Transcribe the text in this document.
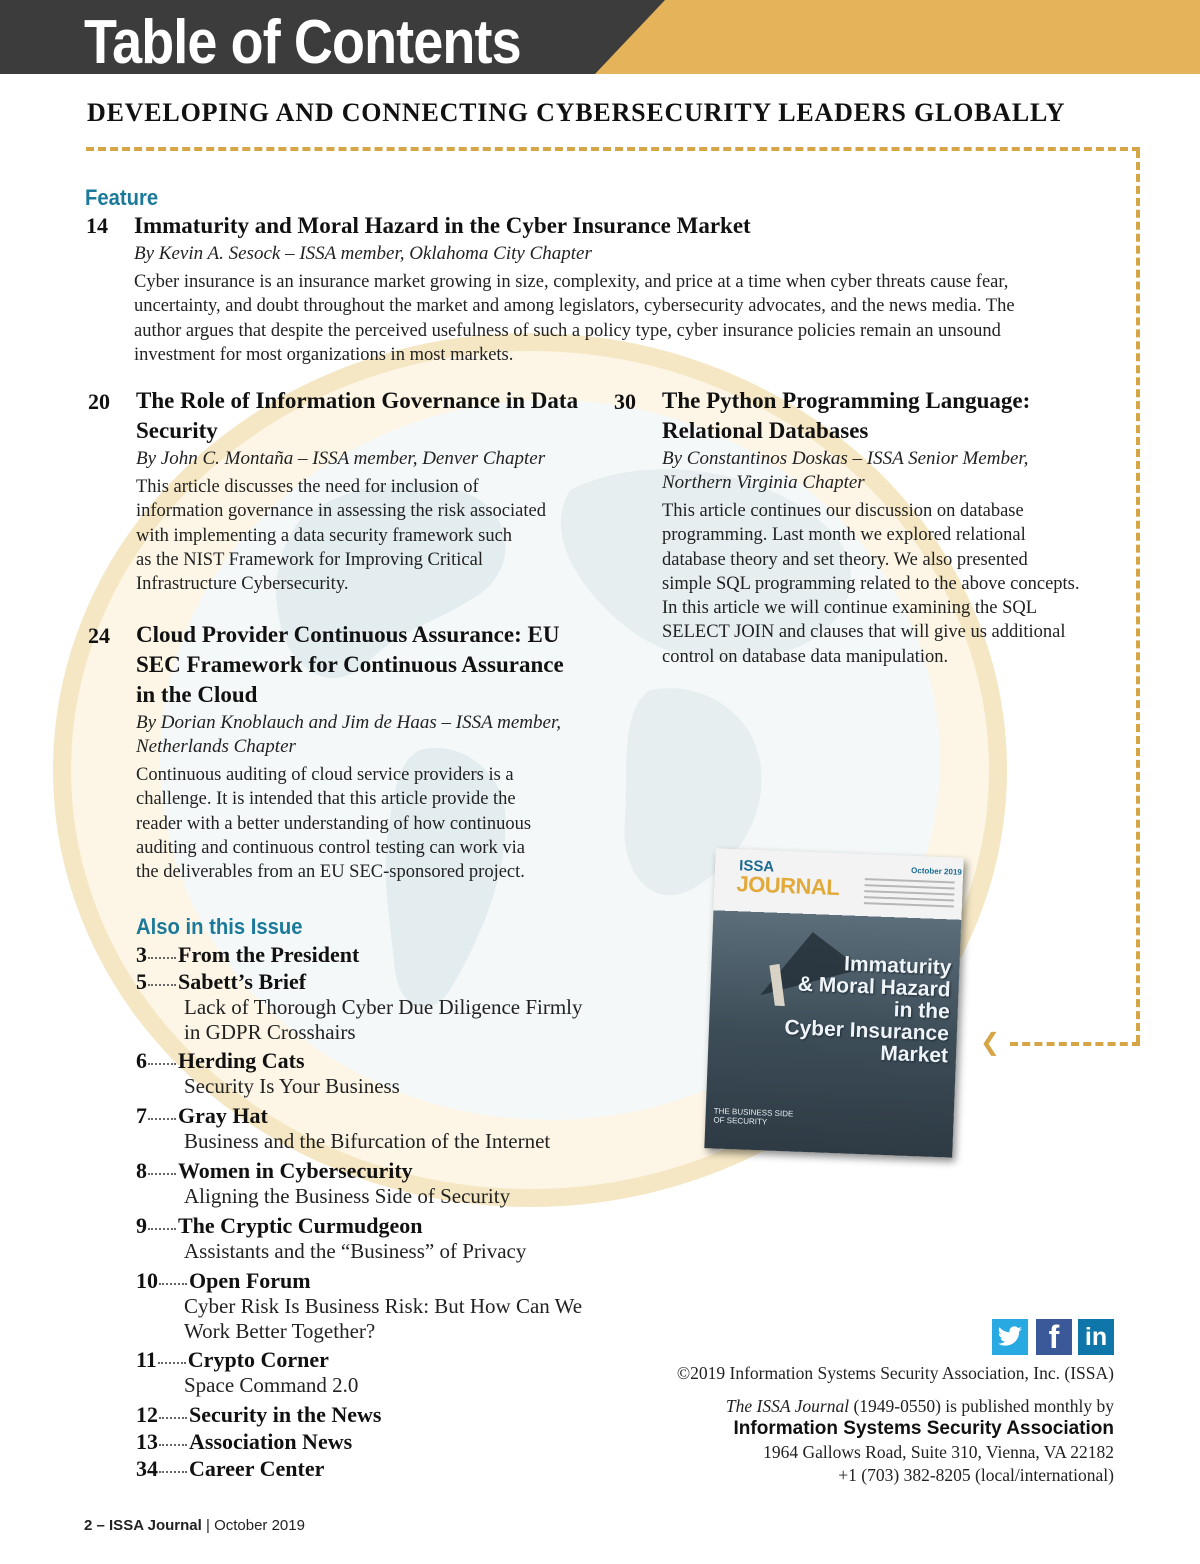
Table of Contents
DEVELOPING AND CONNECTING CYBERSECURITY LEADERS GLOBALLY
❮
Feature
14 Immaturity and Moral Hazard in the Cyber Insurance Market
By Kevin A. Sesock – ISSA member, Oklahoma City Chapter
Cyber insurance is an insurance market growing in size, complexity, and price at a time when cyber threats cause fear,
uncertainty, and doubt throughout the market and among legislators, cybersecurity advocates, and the news media. The
author argues that despite the perceived usefulness of such a policy type, cyber insurance policies remain an unsound
investment for most organizations in most markets.
20 The Role of Information Governance in Data
Security
By John C. Montaña – ISSA member, Denver Chapter
This article discusses the need for inclusion of
information governance in assessing the risk associated
with implementing a data security framework such
as the NIST Framework for Improving Critical
Infrastructure Cybersecurity.
24 Cloud Provider Continuous Assurance: EU
SEC Framework for Continuous Assurance
in the Cloud
By Dorian Knoblauch and Jim de Haas – ISSA member,
Netherlands Chapter
Continuous auditing of cloud service providers is a
challenge. It is intended that this article provide the
reader with a better understanding of how continuous
auditing and continuous control testing can work via
the deliverables from an EU SEC-sponsored project.
30 The Python Programming Language:
Relational Databases
By Constantinos Doskas – ISSA Senior Member,
Northern Virginia Chapter
This article continues our discussion on database
programming. Last month we explored relational
database theory and set theory. We also presented
simple SQL programming related to the above concepts.
In this article we will continue examining the SQL
SELECT JOIN and clauses that will give us additional
control on database data manipulation.
Also in this Issue
3 From the President
5 Sabett’s Brief
Lack of Thorough Cyber Due Diligence Firmly
in GDPR Crosshairs
6 Herding Cats
Security Is Your Business
7 Gray Hat
Business and the Bifurcation of the Internet
8 Women in Cybersecurity
Aligning the Business Side of Security
9 The Cryptic Curmudgeon
Assistants and the “Business” of Privacy
10 Open Forum
Cyber Risk Is Business Risk: But How Can We
Work Better Together?
11 Crypto Corner
Space Command 2.0
12 Security in the News
13 Association News
34 Career Center
ISSA
JOURNAL	October 2019
Immaturity
& Moral Hazard
in the
Cyber Insurance
Market
THE BUSINESS SIDE
OF SECURITY
f	in
©2019 Information Systems Security Association, Inc. (ISSA)
The ISSA Journal (1949-0550) is published monthly by
Information Systems Security Association
1964 Gallows Road, Suite 310, Vienna, VA 22182
+1 (703) 382-8205 (local/international)
2 – ISSA Journal | October 2019
